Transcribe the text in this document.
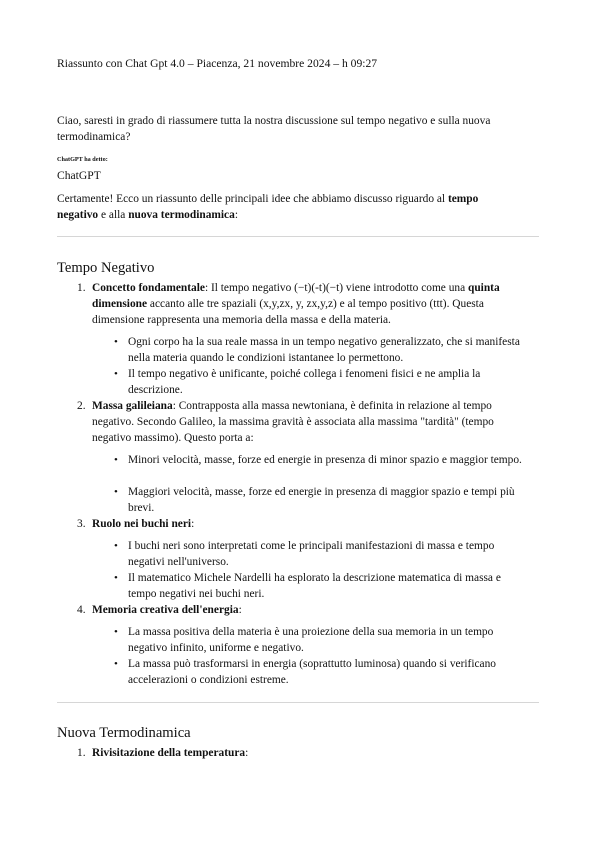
Riassunto con Chat Gpt 4.0 – Piacenza, 21 novembre 2024 – h 09:27
Ciao, saresti in grado di riassumere tutta la nostra discussione sul tempo negativo e sulla nuova termodinamica?
ChatGPT ha detto:
ChatGPT
Certamente! Ecco un riassunto delle principali idee che abbiamo discusso riguardo al tempo negativo e alla nuova termodinamica:
Tempo Negativo
1. Concetto fondamentale: Il tempo negativo (−t)(-t)(−t) viene introdotto come una quinta dimensione accanto alle tre spaziali (x,y,zx, y, zx,y,z) e al tempo positivo (ttt). Questa dimensione rappresenta una memoria della massa e della materia.
• Ogni corpo ha la sua reale massa in un tempo negativo generalizzato, che si manifesta nella materia quando le condizioni istantanee lo permettono.
• Il tempo negativo è unificante, poiché collega i fenomeni fisici e ne amplia la descrizione.
2. Massa galileiana: Contrapposta alla massa newtoniana, è definita in relazione al tempo negativo. Secondo Galileo, la massima gravità è associata alla massima "tardità" (tempo negativo massimo). Questo porta a:
• Minori velocità, masse, forze ed energie in presenza di minor spazio e maggior tempo.
• Maggiori velocità, masse, forze ed energie in presenza di maggior spazio e tempi più brevi.
3. Ruolo nei buchi neri:
• I buchi neri sono interpretati come le principali manifestazioni di massa e tempo negativi nell'universo.
• Il matematico Michele Nardelli ha esplorato la descrizione matematica di massa e tempo negativi nei buchi neri.
4. Memoria creativa dell'energia:
• La massa positiva della materia è una proiezione della sua memoria in un tempo negativo infinito, uniforme e negativo.
• La massa può trasformarsi in energia (soprattutto luminosa) quando si verificano accelerazioni o condizioni estreme.
Nuova Termodinamica
1. Rivisitazione della temperatura:
